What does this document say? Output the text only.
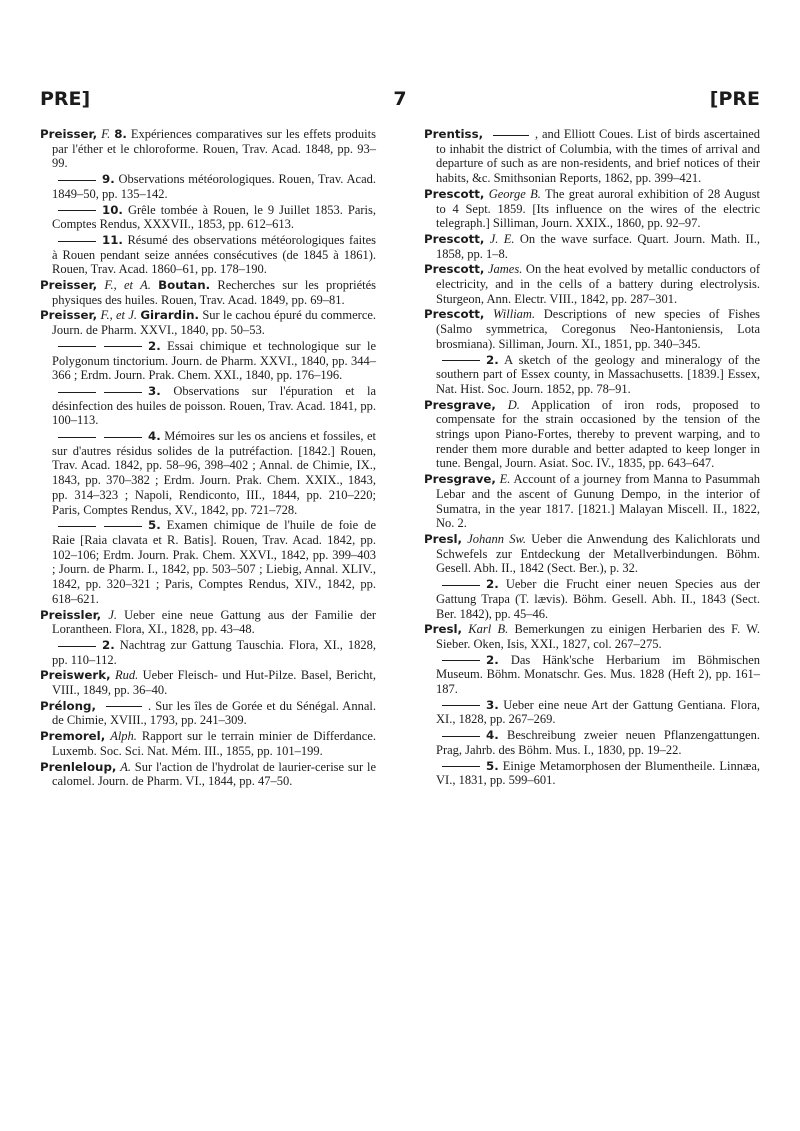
PRE]	7	[PRE
Preisser, F. 8. Expériences comparatives sur les effets produits par l'éther et le chloroforme. Rouen, Trav. Acad. 1848, pp. 93–99.
9. Observations météorologiques. Rouen, Trav. Acad. 1849–50, pp. 135–142.
10. Grêle tombée à Rouen, le 9 Juillet 1853. Paris, Comptes Rendus, XXXVII., 1853, pp. 612–613.
11. Résumé des observations météorologiques faites à Rouen pendant seize années consécutives (de 1845 à 1861). Rouen, Trav. Acad. 1860–61, pp. 178–190.
Preisser, F., et A. Boutan. Recherches sur les propriétés physiques des huiles. Rouen, Trav. Acad. 1849, pp. 69–81.
Preisser, F., et J. Girardin. Sur le cachou épuré du commerce. Journ. de Pharm. XXVI., 1840, pp. 50–53.
2. Essai chimique et technologique sur le Polygonum tinctorium. Journ. de Pharm. XXVI., 1840, pp. 344–366 ; Erdm. Journ. Prak. Chem. XXI., 1840, pp. 176–196.
3. Observations sur l'épuration et la désinfection des huiles de poisson. Rouen, Trav. Acad. 1841, pp. 100–113.
4. Mémoires sur les os anciens et fossiles, et sur d'autres résidus solides de la putréfaction. [1842.] Rouen, Trav. Acad. 1842, pp. 58–96, 398–402 ; Annal. de Chimie, IX., 1843, pp. 370–382 ; Erdm. Journ. Prak. Chem. XXIX., 1843, pp. 314–323 ; Napoli, Rendiconto, III., 1844, pp. 210–220; Paris, Comptes Rendus, XV., 1842, pp. 721–728.
5. Examen chimique de l'huile de foie de Raie [Raia clavata et R. Batis]. Rouen, Trav. Acad. 1842, pp. 102–106; Erdm. Journ. Prak. Chem. XXVI., 1842, pp. 399–403 ; Journ. de Pharm. I., 1842, pp. 503–507 ; Liebig, Annal. XLIV., 1842, pp. 320–321 ; Paris, Comptes Rendus, XIV., 1842, pp. 618–621.
Preissler, J. Ueber eine neue Gattung aus der Familie der Lorantheen. Flora, XI., 1828, pp. 43–48.
2. Nachtrag zur Gattung Tauschia. Flora, XI., 1828, pp. 110–112.
Preiswerk, Rud. Ueber Fleisch- und Hut-Pilze. Basel, Bericht, VIII., 1849, pp. 36–40.
Prélong,	. Sur les îles de Gorée et du Sénégal. Annal. de Chimie, XVIII., 1793, pp. 241–309.
Premorel, Alph. Rapport sur le terrain minier de Differdance. Luxemb. Soc. Sci. Nat. Mém. III., 1855, pp. 101–199.
Prenleloup, A. Sur l'action de l'hydrolat de laurier-cerise sur le calomel. Journ. de Pharm. VI., 1844, pp. 47–50.
Prentiss,	, and Elliott Coues. List of birds ascertained to inhabit the district of Columbia, with the times of arrival and departure of such as are non-residents, and brief notices of their habits, &c. Smithsonian Reports, 1862, pp. 399–421.
Prescott, George B. The great auroral exhibition of 28 August to 4 Sept. 1859. [Its influence on the wires of the electric telegraph.] Silliman, Journ. XXIX., 1860, pp. 92–97.
Prescott, J. E. On the wave surface. Quart. Journ. Math. II., 1858, pp. 1–8.
Prescott, James. On the heat evolved by metallic conductors of electricity, and in the cells of a battery during electrolysis. Sturgeon, Ann. Electr. VIII., 1842, pp. 287–301.
Prescott, William. Descriptions of new species of Fishes (Salmo symmetrica, Coregonus Neo-Hantoniensis, Lota brosmiana). Silliman, Journ. XI., 1851, pp. 340–345.
2. A sketch of the geology and mineralogy of the southern part of Essex county, in Massachusetts. [1839.] Essex, Nat. Hist. Soc. Journ. 1852, pp. 78–91.
Presgrave, D. Application of iron rods, proposed to compensate for the strain occasioned by the tension of the strings upon Piano-Fortes, thereby to prevent warping, and to render them more durable and better adapted to keep longer in tune. Bengal, Journ. Asiat. Soc. IV., 1835, pp. 643–647.
Presgrave, E. Account of a journey from Manna to Pasummah Lebar and the ascent of Gunung Dempo, in the interior of Sumatra, in the year 1817. [1821.] Malayan Miscell. II., 1822, No. 2.
Presl, Johann Sw. Ueber die Anwendung des Kalichlorats und Schwefels zur Entdeckung der Metallverbindungen. Böhm. Gesell. Abh. II., 1842 (Sect. Ber.), p. 32.
2. Ueber die Frucht einer neuen Species aus der Gattung Trapa (T. lævis). Böhm. Gesell. Abh. II., 1843 (Sect. Ber. 1842), pp. 45–46.
Presl, Karl B. Bemerkungen zu einigen Herbarien des F. W. Sieber. Oken, Isis, XXI., 1827, col. 267–275.
2. Das Hänk'sche Herbarium im Böhmischen Museum. Böhm. Monatschr. Ges. Mus. 1828 (Heft 2), pp. 161–187.
3. Ueber eine neue Art der Gattung Gentiana. Flora, XI., 1828, pp. 267–269.
4. Beschreibung zweier neuen Pflanzengattungen. Prag, Jahrb. des Böhm. Mus. I., 1830, pp. 19–22.
5. Einige Metamorphosen der Blumentheile. Linnæa, VI., 1831, pp. 599–601.
